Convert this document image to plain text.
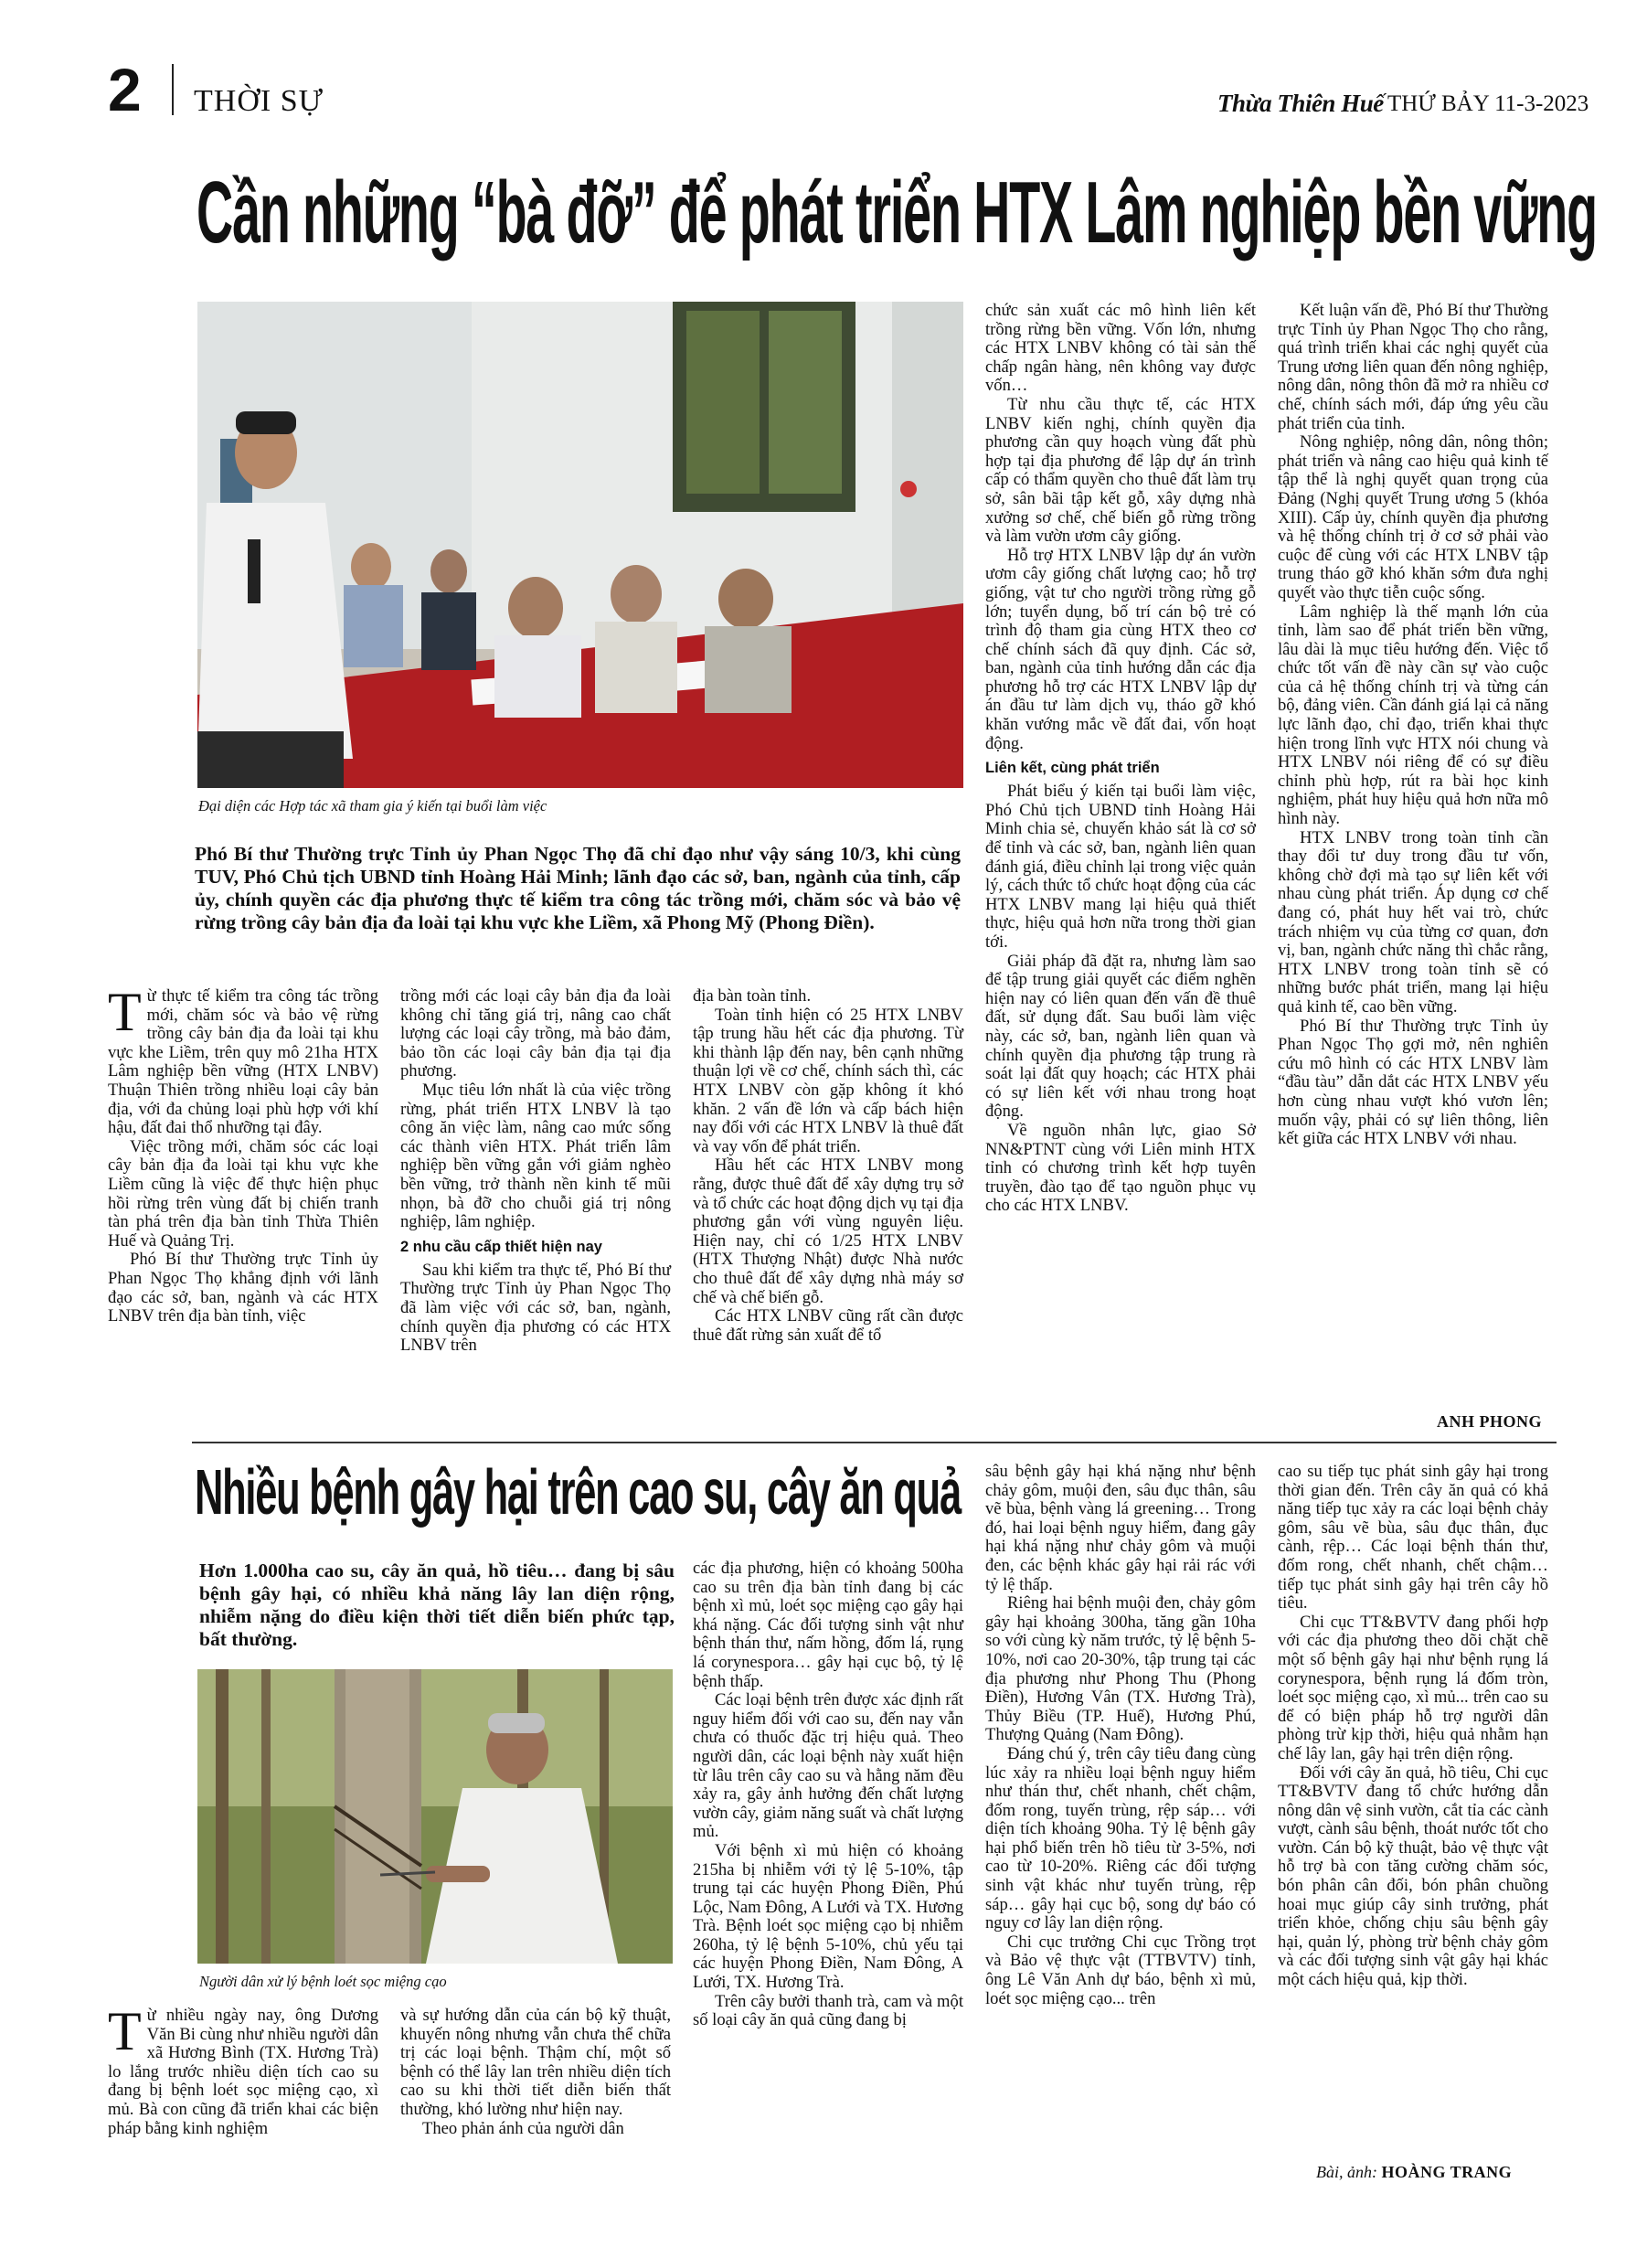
2 THỜI SỰ	Thừa Thiên Huế THỨ BẢY 11-3-2023
Cần những “bà đỡ” để phát triển HTX Lâm nghiệp bền vững
Đại diện các Hợp tác xã tham gia ý kiến tại buổi làm việc
Phó Bí thư Thường trực Tỉnh ủy Phan Ngọc Thọ đã chỉ đạo như vậy sáng 10/3, khi cùng TUV, Phó Chủ tịch UBND tỉnh Hoàng Hải Minh; lãnh đạo các sở, ban, ngành của tỉnh, cấp ủy, chính quyền các địa phương thực tế kiểm tra công tác trồng mới, chăm sóc và bảo vệ rừng trồng cây bản địa đa loài tại khu vực khe Liềm, xã Phong Mỹ (Phong Điền).
T ừ thực tế kiểm tra công tác trồng mới, chăm sóc và bảo vệ rừng trồng cây bản địa đa loài tại khu vực khe Liềm, trên quy mô 21ha HTX Lâm nghiệp bền vững (HTX LNBV) Thuận Thiên trồng nhiều loại cây bản địa, với đa chủng loại phù hợp với khí hậu, đất đai thổ nhưỡng tại đây.

Việc trồng mới, chăm sóc các loại cây bản địa đa loài tại khu vực khe Liềm cũng là việc để thực hiện phục hồi rừng trên vùng đất bị chiến tranh tàn phá trên địa bàn tỉnh Thừa Thiên Huế và Quảng Trị.

Phó Bí thư Thường trực Tỉnh ủy Phan Ngọc Thọ khẳng định với lãnh đạo các sở, ban, ngành và các HTX LNBV trên địa bàn tỉnh, việc

trồng mới các loại cây bản địa đa loài không chỉ tăng giá trị, nâng cao chất lượng các loại cây trồng, mà bảo đảm, bảo tồn các loại cây bản địa tại địa phương.

Mục tiêu lớn nhất là của việc trồng rừng, phát triển HTX LNBV là tạo công ăn việc làm, nâng cao mức sống các thành viên HTX. Phát triển lâm nghiệp bền vững gắn với giảm nghèo bền vững, trở thành nền kinh tế mũi nhọn, bà đỡ cho chuỗi giá trị nông nghiệp, lâm nghiệp.

2 nhu cầu cấp thiết hiện nay

Sau khi kiểm tra thực tế, Phó Bí thư Thường trực Tỉnh ủy Phan Ngọc Thọ đã làm việc với các sở, ban, ngành, chính quyền địa phương có các HTX LNBV trên

địa bàn toàn tỉnh.

Toàn tỉnh hiện có 25 HTX LNBV tập trung hầu hết các địa phương. Từ khi thành lập đến nay, bên cạnh những thuận lợi về cơ chế, chính sách thì, các HTX LNBV còn gặp không ít khó khăn. 2 vấn đề lớn và cấp bách hiện nay đối với các HTX LNBV là thuê đất và vay vốn để phát triển.

Hầu hết các HTX LNBV mong rằng, được thuê đất để xây dựng trụ sở và tổ chức các hoạt động dịch vụ tại địa phương gắn với vùng nguyên liệu. Hiện nay, chỉ có 1/25 HTX LNBV (HTX Thượng Nhật) được Nhà nước cho thuê đất để xây dựng nhà máy sơ chế và chế biến gỗ.

Các HTX LNBV cũng rất cần được thuê đất rừng sản xuất để tổ

chức sản xuất các mô hình liên kết trồng rừng bền vững. Vốn lớn, nhưng các HTX LNBV không có tài sản thế chấp ngân hàng, nên không vay được vốn…

Từ nhu cầu thực tế, các HTX LNBV kiến nghị, chính quyền địa phương cần quy hoạch vùng đất phù hợp tại địa phương để lập dự án trình cấp có thẩm quyền cho thuê đất làm trụ sở, sân bãi tập kết gỗ, xây dựng nhà xưởng sơ chế, chế biến gỗ rừng trồng và làm vườn ươm cây giống.

Hỗ trợ HTX LNBV lập dự án vườn ươm cây giống chất lượng cao; hỗ trợ giống, vật tư cho người trồng rừng gỗ lớn; tuyển dụng, bố trí cán bộ trẻ có trình độ tham gia cùng HTX theo cơ chế chính sách đã quy định. Các sở, ban, ngành của tỉnh hướng dẫn các địa phương hỗ trợ các HTX LNBV lập dự án đầu tư làm dịch vụ, tháo gỡ khó khăn vướng mắc về đất đai, vốn hoạt động.

Liên kết, cùng phát triển

Phát biểu ý kiến tại buổi làm việc, Phó Chủ tịch UBND tỉnh Hoàng Hải Minh chia sẻ, chuyến khảo sát là cơ sở để tỉnh và các sở, ban, ngành liên quan đánh giá, điều chỉnh lại trong việc quản lý, cách thức tổ chức hoạt động của các HTX LNBV mang lại hiệu quả thiết thực, hiệu quả hơn nữa trong thời gian tới.

Giải pháp đã đặt ra, nhưng làm sao để tập trung giải quyết các điểm nghẽn hiện nay có liên quan đến vấn đề thuê đất, sử dụng đất. Sau buổi làm việc này, các sở, ban, ngành liên quan và chính quyền địa phương tập trung rà soát lại đất quy hoạch; các HTX phải có sự liên kết với nhau trong hoạt động.

Về nguồn nhân lực, giao Sở NN&PTNT cùng với Liên minh HTX tỉnh có chương trình kết hợp tuyên truyền, đào tạo để tạo nguồn phục vụ cho các HTX LNBV.

Kết luận vấn đề, Phó Bí thư Thường trực Tỉnh ủy Phan Ngọc Thọ cho rằng, quá trình triển khai các nghị quyết của Trung ương liên quan đến nông nghiệp, nông dân, nông thôn đã mở ra nhiều cơ chế, chính sách mới, đáp ứng yêu cầu phát triển của tỉnh.

Nông nghiệp, nông dân, nông thôn; phát triển và nâng cao hiệu quả kinh tế tập thể là nghị quyết quan trọng của Đảng (Nghị quyết Trung ương 5 (khóa XIII). Cấp ủy, chính quyền địa phương và hệ thống chính trị ở cơ sở phải vào cuộc để cùng với các HTX LNBV tập trung tháo gỡ khó khăn sớm đưa nghị quyết vào thực tiễn cuộc sống.

Lâm nghiệp là thế mạnh lớn của tỉnh, làm sao để phát triển bền vững, lâu dài là mục tiêu hướng đến. Việc tổ chức tốt vấn đề này cần sự vào cuộc của cả hệ thống chính trị và từng cán bộ, đảng viên. Cần đánh giá lại cả năng lực lãnh đạo, chỉ đạo, triển khai thực hiện trong lĩnh vực HTX nói chung và HTX LNBV nói riêng để có sự điều chỉnh phù hợp, rút ra bài học kinh nghiệm, phát huy hiệu quả hơn nữa mô hình này.

HTX LNBV trong toàn tỉnh cần thay đổi tư duy trong đầu tư vốn, không chờ đợi mà tạo sự liên kết với nhau cùng phát triển. Áp dụng cơ chế đang có, phát huy hết vai trò, chức trách nhiệm vụ của từng cơ quan, đơn vị, ban, ngành chức năng thì chắc rằng, HTX LNBV trong toàn tỉnh sẽ có những bước phát triển, mang lại hiệu quả kinh tế, cao bền vững.

Phó Bí thư Thường trực Tỉnh ủy Phan Ngọc Thọ gợi mở, nên nghiên cứu mô hình có các HTX LNBV làm “đầu tàu” dẫn dắt các HTX LNBV yếu hơn cùng nhau vượt khó vươn lên; muốn vậy, phải có sự liên thông, liên kết giữa các HTX LNBV với nhau.

ANH PHONG
Nhiều bệnh gây hại trên cao su, cây ăn quả
Hơn 1.000ha cao su, cây ăn quả, hồ tiêu… đang bị sâu bệnh gây hại, có nhiều khả năng lây lan diện rộng, nhiễm nặng do điều kiện thời tiết diễn biến phức tạp, bất thường.
Người dân xử lý bệnh loét sọc miệng cạo
T ừ nhiều ngày nay, ông Dương Văn Bi cùng như nhiều người dân xã Hương Bình (TX. Hương Trà) lo lắng trước nhiều diện tích cao su đang bị bệnh loét sọc miệng cạo, xì mủ. Bà con cũng đã triển khai các biện pháp bằng kinh nghiệm

và sự hướng dẫn của cán bộ kỹ thuật, khuyến nông nhưng vẫn chưa thể chữa trị các loại bệnh. Thậm chí, một số bệnh có thể lây lan trên nhiều diện tích cao su khi thời tiết diễn biến thất thường, khó lường như hiện nay.

Theo phản ánh của người dân

các địa phương, hiện có khoảng 500ha cao su trên địa bàn tỉnh đang bị các bệnh xì mủ, loét sọc miệng cạo gây hại khá nặng. Các đối tượng sinh vật như bệnh thán thư, nấm hồng, đốm lá, rụng lá corynespora… gây hại cục bộ, tỷ lệ bệnh thấp.

Các loại bệnh trên được xác định rất nguy hiểm đối với cao su, đến nay vẫn chưa có thuốc đặc trị hiệu quả. Theo người dân, các loại bệnh này xuất hiện từ lâu trên cây cao su và hằng năm đều xảy ra, gây ảnh hưởng đến chất lượng vườn cây, giảm năng suất và chất lượng mủ.

Với bệnh xì mủ hiện có khoảng 215ha bị nhiễm với tỷ lệ 5-10%, tập trung tại các huyện Phong Điền, Phú Lộc, Nam Đông, A Lưới và TX. Hương Trà. Bệnh loét sọc miệng cạo bị nhiễm 260ha, tỷ lệ bệnh 5-10%, chủ yếu tại các huyện Phong Điền, Nam Đông, A Lưới, TX. Hương Trà.

Trên cây bưởi thanh trà, cam và một số loại cây ăn quả cũng đang bị

sâu bệnh gây hại khá nặng như bệnh chảy gôm, muội đen, sâu đục thân, sâu vẽ bùa, bệnh vàng lá greening… Trong đó, hai loại bệnh nguy hiểm, đang gây hại khá nặng như chảy gôm và muội đen, các bệnh khác gây hại rải rác với tỷ lệ thấp.

Riêng hai bệnh muội đen, chảy gôm gây hại khoảng 300ha, tăng gần 10ha so với cùng kỳ năm trước, tỷ lệ bệnh 5-10%, nơi cao 20-30%, tập trung tại các địa phương như Phong Thu (Phong Điền), Hương Vân (TX. Hương Trà), Thủy Biều (TP. Huế), Hương Phú, Thượng Quảng (Nam Đông).

Đáng chú ý, trên cây tiêu đang cùng lúc xảy ra nhiều loại bệnh nguy hiểm như thán thư, chết nhanh, chết chậm, đốm rong, tuyến trùng, rệp sáp… với diện tích khoảng 90ha. Tỷ lệ bệnh gây hại phổ biến trên hồ tiêu từ 3-5%, nơi cao từ 10-20%. Riêng các đối tượng sinh vật khác như tuyến trùng, rệp sáp… gây hại cục bộ, song dự báo có nguy cơ lây lan diện rộng.

Chi cục trưởng Chi cục Trồng trọt và Bảo vệ thực vật (TTBVTV) tỉnh, ông Lê Văn Anh dự báo, bệnh xì mủ, loét sọc miệng cạo... trên

cao su tiếp tục phát sinh gây hại trong thời gian đến. Trên cây ăn quả có khả năng tiếp tục xảy ra các loại bệnh chảy gôm, sâu vẽ bùa, sâu đục thân, đục cành, rệp… Các loại bệnh thán thư, đốm rong, chết nhanh, chết chậm… tiếp tục phát sinh gây hại trên cây hồ tiêu.

Chi cục TT&BVTV đang phối hợp với các địa phương theo dõi chặt chẽ một số bệnh gây hại như bệnh rụng lá corynespora, bệnh rụng lá đốm tròn, loét sọc miệng cạo, xì mủ... trên cao su để có biện pháp hỗ trợ người dân phòng trừ kịp thời, hiệu quả nhằm hạn chế lây lan, gây hại trên diện rộng.

Đối với cây ăn quả, hồ tiêu, Chi cục TT&BVTV đang tổ chức hướng dẫn nông dân vệ sinh vườn, cắt tỉa các cành vượt, cành sâu bệnh, thoát nước tốt cho vườn. Cán bộ kỹ thuật, bảo vệ thực vật hỗ trợ bà con tăng cường chăm sóc, bón phân cân đối, bón phân chuồng hoai mục giúp cây sinh trưởng, phát triển khỏe, chống chịu sâu bệnh gây hại, quản lý, phòng trừ bệnh chảy gôm và các đối tượng sinh vật gây hại khác một cách hiệu quả, kịp thời.

Bài, ảnh: HOÀNG TRANG
